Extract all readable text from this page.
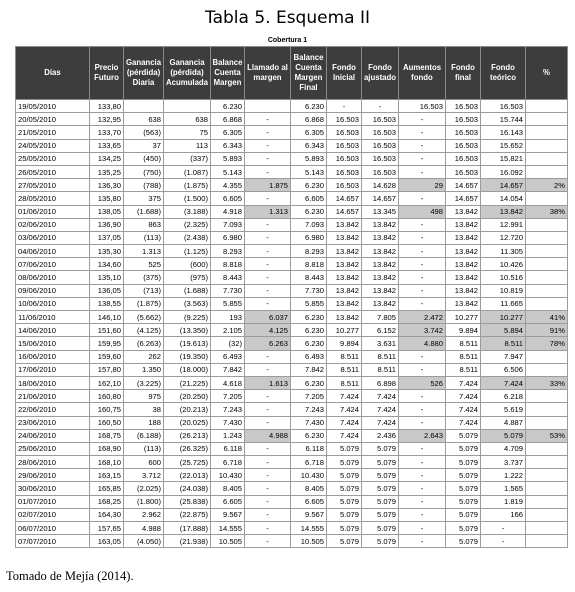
Tabla 5. Esquema II
Cobertura 1
Días	Precio Futuro	Ganancia (pérdida) Diaria	Ganancia (pérdida) Acumulada	Balance Cuenta Margen	Llamado al margen	Balance Cuenta Margen Final	Fondo Inicial	Fondo ajustado	Aumentos fondo	Fondo final	Fondo teórico	%
19/05/2010	133,80			6.230		6.230	-	-	16.503	16.503	16.503	
20/05/2010	132,95	638	638	6.868	-	6.868	16.503	16.503	-	16.503	15.744	
21/05/2010	133,70	(563)	75	6.305	-	6.305	16.503	16.503	-	16.503	16.143	
24/05/2010	133,65	37	113	6.343	-	6.343	16.503	16.503	-	16.503	15.652	
25/05/2010	134,25	(450)	(337)	5.893	-	5.893	16.503	16.503	-	16.503	15.821	
26/05/2010	135,25	(750)	(1.087)	5.143	-	5.143	16.503	16.503	-	16.503	16.092	
27/05/2010	136,30	(788)	(1.875)	4.355	1.875	6.230	16.503	14.628	29	14.657	14.657	2%
28/05/2010	135,80	375	(1.500)	6.605	-	6.605	14.657	14.657	-	14.657	14.054	
01/06/2010	138,05	(1.688)	(3.188)	4.918	1.313	6.230	14.657	13.345	498	13.842	13.842	38%
02/06/2010	136,90	863	(2.325)	7.093	-	7.093	13.842	13.842	-	13.842	12.991	
03/06/2010	137,05	(113)	(2.438)	6.980	-	6.980	13.842	13.842	-	13.842	12.720	
04/06/2010	135,30	1.313	(1.125)	8.293	-	8.293	13.842	13.842	-	13.842	11.305	
07/06/2010	134,60	525	(600)	8.818	-	8.818	13.842	13.842	-	13.842	10.426	
08/06/2010	135,10	(375)	(975)	8.443	-	8.443	13.842	13.842	-	13.842	10.516	
09/06/2010	136,05	(713)	(1.688)	7.730	-	7.730	13.842	13.842	-	13.842	10.819	
10/06/2010	138,55	(1.875)	(3.563)	5.855	-	5.855	13.842	13.842	-	13.842	11.665	
11/06/2010	146,10	(5.662)	(9.225)	193	6.037	6.230	13.842	7.805	2.472	10.277	10.277	41%
14/06/2010	151,60	(4.125)	(13.350)	2.105	4.125	6.230	10.277	6.152	3.742	9.894	5.894	91%
15/06/2010	159,95	(6.263)	(19.613)	(32)	6.263	6.230	9.894	3.631	4.880	8.511	8.511	78%
16/06/2010	159,60	262	(19.350)	6.493	-	6.493	8.511	8.511	-	8.511	7.947	
17/06/2010	157,80	1.350	(18.000)	7.842	-	7.842	8.511	8.511	-	8.511	6.506	
18/06/2010	162,10	(3.225)	(21.225)	4.618	1.613	6.230	8.511	6.898	526	7.424	7.424	33%
21/06/2010	160,80	975	(20.250)	7.205	-	7.205	7.424	7.424	-	7.424	6.218	
22/06/2010	160,75	38	(20.213)	7.243	-	7.243	7.424	7.424	-	7.424	5.619	
23/06/2010	160,50	188	(20.025)	7.430	-	7.430	7.424	7.424	-	7.424	4.887	
24/06/2010	168,75	(6.188)	(26.213)	1.243	4.988	6.230	7.424	2.436	2.643	5.079	5.079	53%
25/06/2010	168,90	(113)	(26.325)	6.118	-	6.118	5.079	5.079	-	5.079	4.709	
28/06/2010	168,10	600	(25.725)	6.718	-	6.718	5.079	5.079	-	5.079	3.737	
29/06/2010	163,15	3.712	(22.013)	10.430	-	10.430	5.079	5.079	-	5.079	1.222	
30/06/2010	165,85	(2.025)	(24.038)	8.405	-	8.405	5.079	5.079	-	5.079	1.565	
01/07/2010	168,25	(1.800)	(25.838)	6.605	-	6.605	5.079	5.079	-	5.079	1.819	
02/07/2010	164,30	2.962	(22.875)	9.567	-	9.567	5.079	5.079	-	5.079	166	
06/07/2010	157,65	4.988	(17.888)	14.555	-	14.555	5.079	5.079	-	5.079	-	
07/07/2010	163,05	(4.050)	(21.938)	10.505	-	10.505	5.079	5.079	-	5.079	-	
Tomado de Mejía (2014).
